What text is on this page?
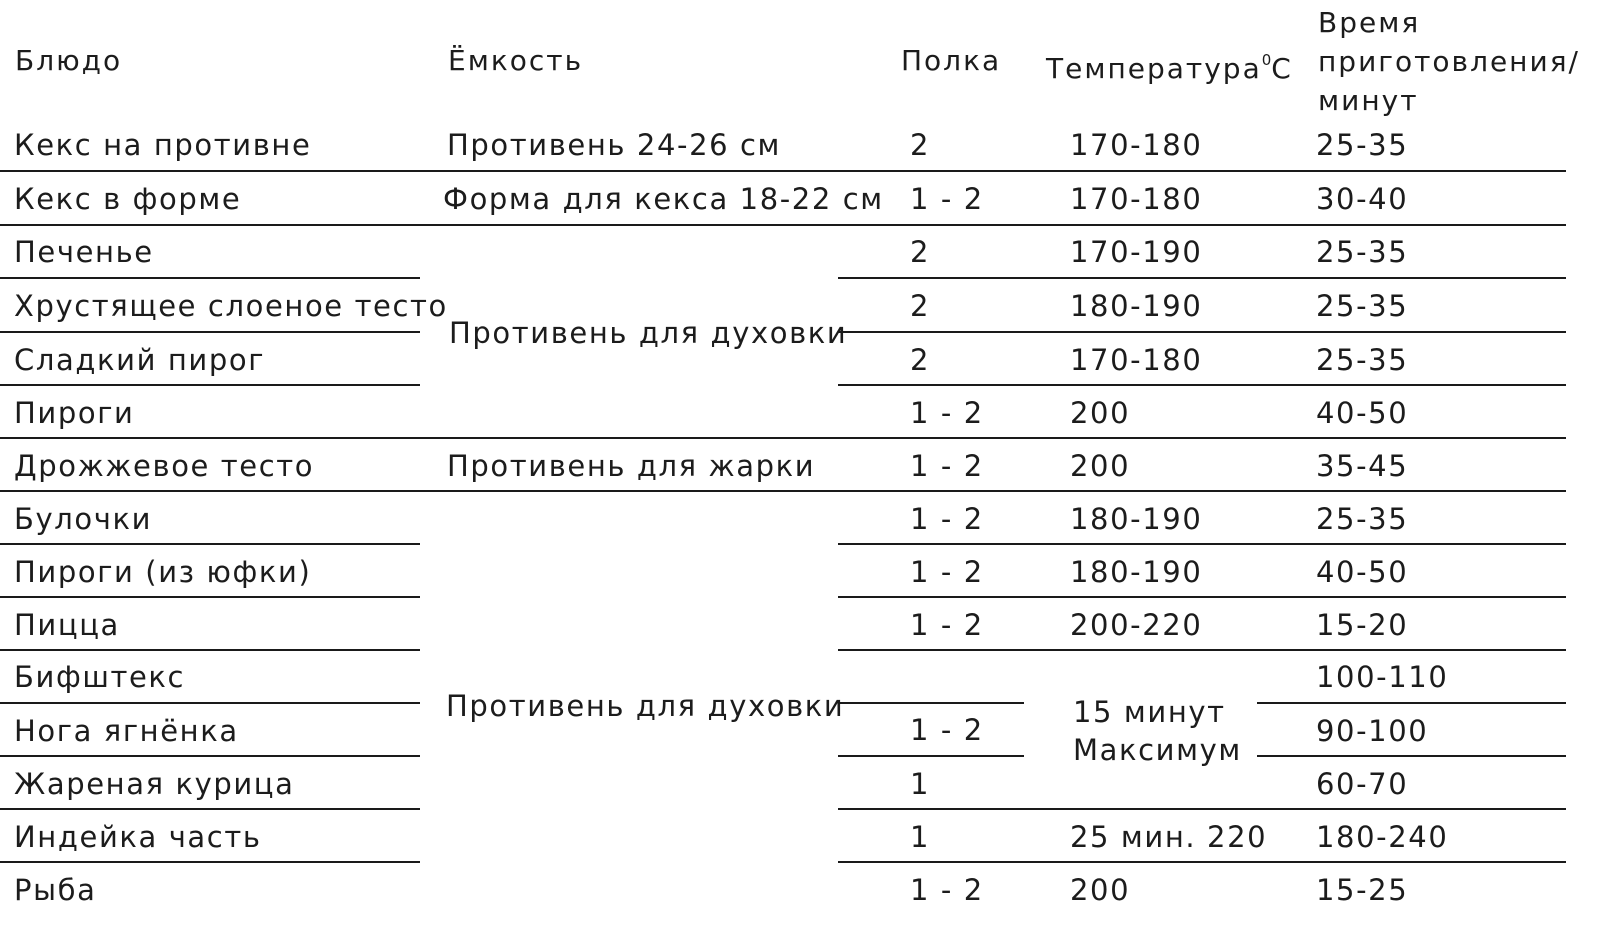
Блюдо	Ёмкость	Полка Температура$^0$С
Время
приготовления/
минут
Кекс на противне
Кекс в форме
Печенье
Хрустящее слоеное тесто
Сладкий пирог
Пироги
Дрожжевое тесто
Булочки
Пироги (из юфки)
Пицца
Бифштекс
Нога ягнёнка
Жареная курица
Индейка часть
Рыба
Противень 24-26 см
Форма для кекса 18-22 см
Противень для духовки
Противень для жарки
Противень для духовки
2
1 - 2
2
2
2
1 - 2
1 - 2
1 - 2
1 - 2
1 - 2
1 - 2
1
1
1 - 2
170-180
170-180
170-190
180-190
170-180
200
200
180-190
180-190
200-220
15 минут
Максимум
25 мин. 220
200
25-35
30-40
25-35
25-35
25-35
40-50
35-45
25-35
40-50
15-20
100-110
90-100
60-70
180-240
15-25
